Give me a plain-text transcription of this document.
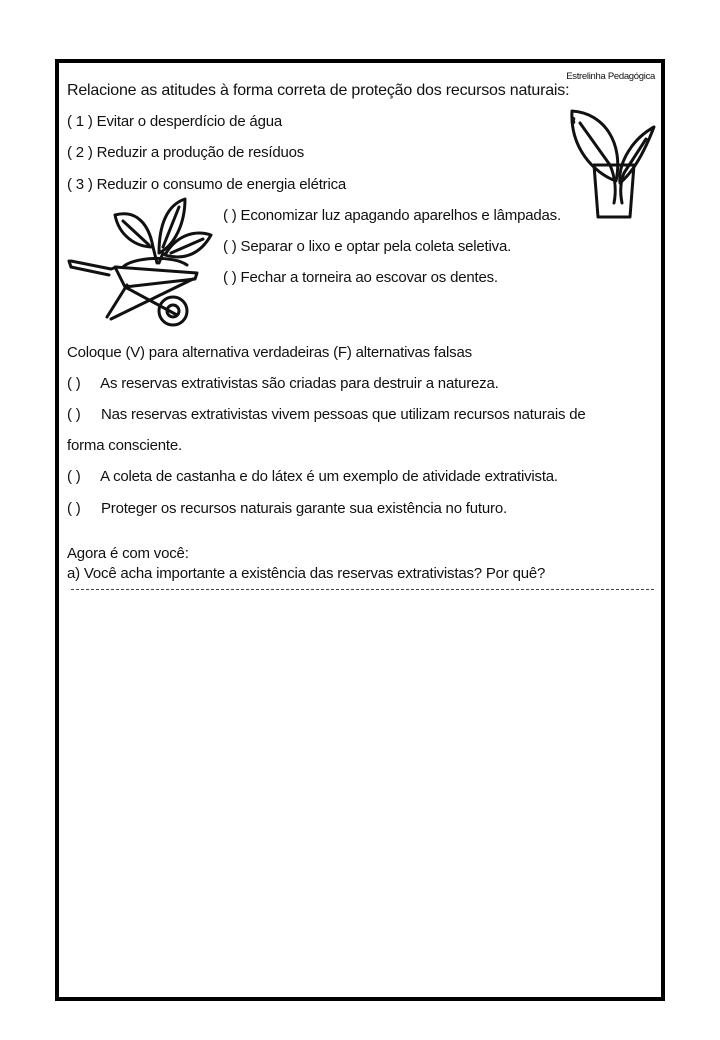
Estrelinha Pedagógica
Relacione as atitudes à forma correta de proteção dos recursos naturais:
( 1 ) Evitar o desperdício de água
( 2 ) Reduzir a produção de resíduos
( 3 ) Reduzir o consumo de energia elétrica
( ) Economizar luz apagando aparelhos e lâmpadas.
( ) Separar o lixo e optar pela coleta seletiva.
( ) Fechar a torneira ao escovar os dentes.
Coloque (V) para alternativa verdadeiras (F) alternativas falsas
( ) As reservas extrativistas são criadas para destruir a natureza.
( ) Nas reservas extrativistas vivem pessoas que utilizam recursos naturais de
forma consciente.
( ) A coleta de castanha e do látex é um exemplo de atividade extrativista.
( ) Proteger os recursos naturais garante sua existência no futuro.
Agora é com você:
a) Você acha importante a existência das reservas extrativistas? Por quê?
